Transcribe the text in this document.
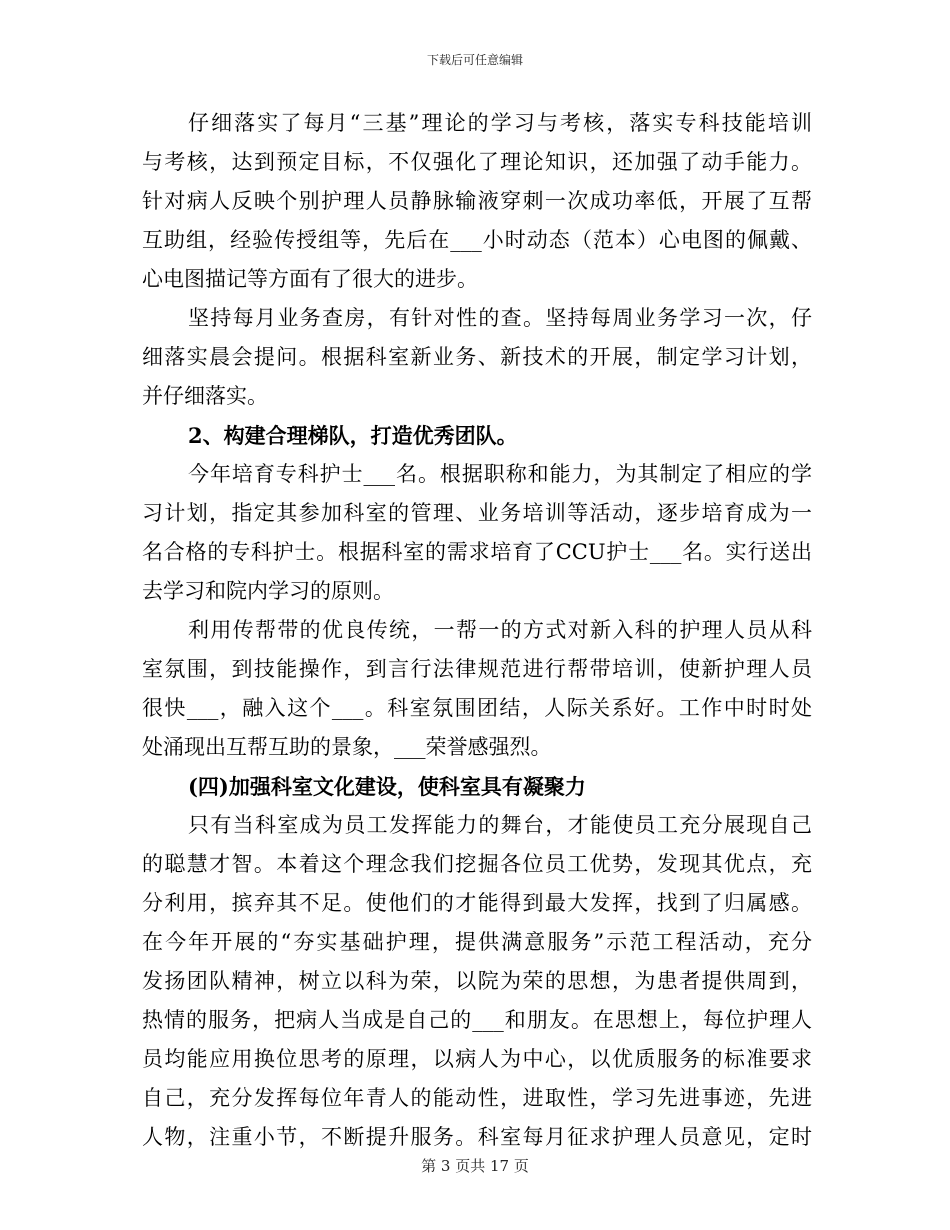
下载后可任意编辑
仔细落实了每月“三基”理论的学习与考核，落实专科技能培训
与考核，达到预定目标，不仅强化了理论知识，还加强了动手能力。
针对病人反映个别护理人员静脉输液穿刺一次成功率低，开展了互帮
互助组，经验传授组等，先后在___小时动态（范本）心电图的佩戴、
心电图描记等方面有了很大的进步。
坚持每月业务查房，有针对性的查。坚持每周业务学习一次，仔
细落实晨会提问。根据科室新业务、新技术的开展，制定学习计划，
并仔细落实。
2、构建合理梯队，打造优秀团队。
今年培育专科护士___名。根据职称和能力，为其制定了相应的学
习计划，指定其参加科室的管理、业务培训等活动，逐步培育成为一
名合格的专科护士。根据科室的需求培育了CCU护士___名。实行送出
去学习和院内学习的原则。
利用传帮带的优良传统，一帮一的方式对新入科的护理人员从科
室氛围，到技能操作，到言行法律规范进行帮带培训，使新护理人员
很快___，融入这个___。科室氛围团结，人际关系好。工作中时时处
处涌现出互帮互助的景象，___荣誉感强烈。
(四)加强科室文化建设，使科室具有凝聚力
只有当科室成为员工发挥能力的舞台，才能使员工充分展现自己
的聪慧才智。本着这个理念我们挖掘各位员工优势，发现其优点，充
分利用，摈弃其不足。使他们的才能得到最大发挥，找到了归属感。
在今年开展的“夯实基础护理，提供满意服务”示范工程活动，充分
发扬团队精神，树立以科为荣，以院为荣的思想，为患者提供周到，
热情的服务，把病人当成是自己的___和朋友。在思想上，每位护理人
员均能应用换位思考的原理，以病人为中心，以优质服务的标准要求
自己，充分发挥每位年青人的能动性，进取性，学习先进事迹，先进
人物，注重小节，不断提升服务。科室每月征求护理人员意见，定时
第 3 页共 17 页
